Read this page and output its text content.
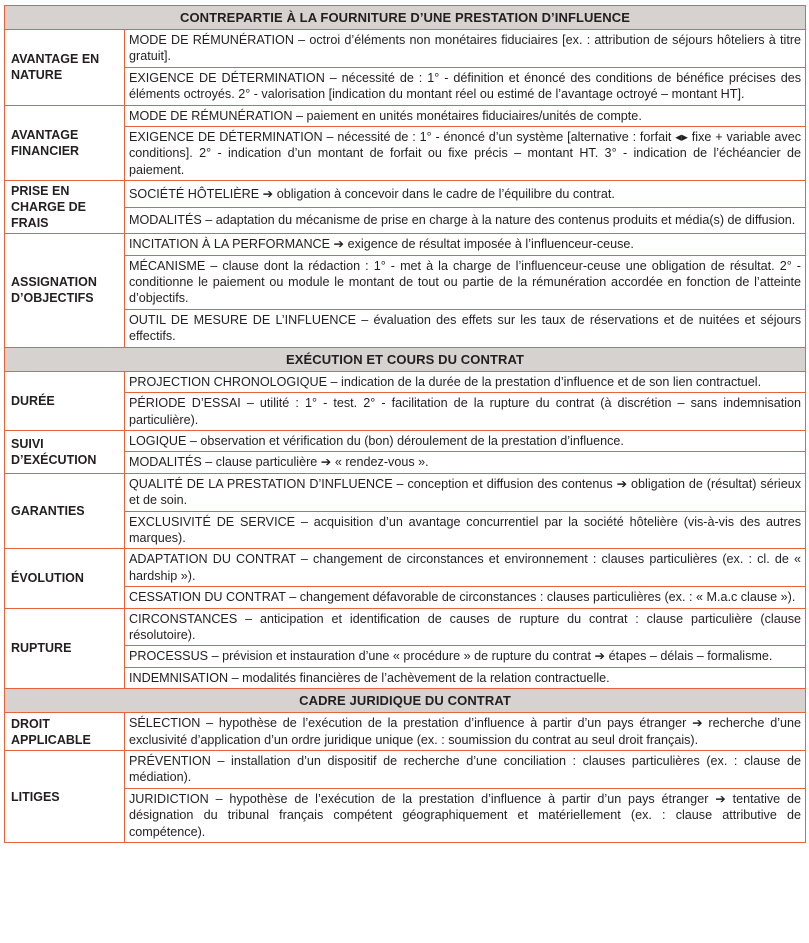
CONTREPARTIE À LA FOURNITURE D’UNE PRESTATION D’INFLUENCE	
AVANTAGE EN NATURE	MODE DE RÉMUNÉRATION – octroi d’éléments non monétaires fiduciaires [ex. : attribution de séjours hôteliers à titre gratuit].
	EXIGENCE DE DÉTERMINATION – nécessité de : 1° - définition et énoncé des conditions de bénéfice précises des éléments octroyés. 2° - valorisation [indication du montant réel ou estimé de l’avantage octroyé – montant HT].
AVANTAGE FINANCIER	MODE DE RÉMUNÉRATION – paiement en unités monétaires fiduciaires/unités de compte.
	EXIGENCE DE DÉTERMINATION – nécessité de : 1° - énoncé d’un système [alternative : forfait ◂▸ fixe + variable avec conditions]. 2° - indication d’un montant de forfait ou fixe précis – montant HT. 3° - indication de l’échéancier de paiement.
PRISE EN CHARGE DE FRAIS	SOCIÉTÉ HÔTELIÈRE ➔ obligation à concevoir dans le cadre de l’équilibre du contrat.
	MODALITÉS – adaptation du mécanisme de prise en charge à la nature des contenus produits et média(s) de diffusion.
ASSIGNATION D’OBJECTIFS	INCITATION À LA PERFORMANCE ➔ exigence de résultat imposée à l’influenceur-ceuse.
	MÉCANISME – clause dont la rédaction : 1° - met à la charge de l’influenceur-ceuse une obligation de résultat. 2° - conditionne le paiement ou module le montant de tout ou partie de la rémunération accordée en fonction de l’atteinte d’objectifs.
	OUTIL DE MESURE DE L’INFLUENCE – évaluation des effets sur les taux de réservations et de nuitées et séjours effectifs.
EXÉCUTION ET COURS DU CONTRAT	
DURÉE	PROJECTION CHRONOLOGIQUE – indication de la durée de la prestation d’influence et de son lien contractuel.
	PÉRIODE D’ESSAI – utilité : 1° - test. 2° - facilitation de la rupture du contrat (à discrétion – sans indemnisation particulière).
SUIVI D’EXÉCUTION	LOGIQUE – observation et vérification du (bon) déroulement de la prestation d’influence.
	MODALITÉS – clause particulière ➔ « rendez-vous ».
GARANTIES	QUALITÉ DE LA PRESTATION D’INFLUENCE – conception et diffusion des contenus ➔ obligation de (résultat) sérieux et de soin.
	EXCLUSIVITÉ DE SERVICE – acquisition d’un avantage concurrentiel par la société hôtelière (vis-à-vis des autres marques).
ÉVOLUTION	ADAPTATION DU CONTRAT – changement de circonstances et environnement : clauses particulières (ex. : cl. de « hardship »).
	CESSATION DU CONTRAT – changement défavorable de circonstances : clauses particulières (ex. : « M.a.c clause »).
RUPTURE	CIRCONSTANCES – anticipation et identification de causes de rupture du contrat : clause particulière (clause résolutoire).
	PROCESSUS – prévision et instauration d’une « procédure » de rupture du contrat ➔ étapes – délais – formalisme.
	INDEMNISATION – modalités financières de l’achèvement de la relation contractuelle.
CADRE JURIDIQUE DU CONTRAT	
DROIT APPLICABLE	SÉLECTION – hypothèse de l’exécution de la prestation d’influence à partir d’un pays étranger ➔ recherche d’une exclusivité d’application d’un ordre juridique unique (ex. : soumission du contrat au seul droit français).
LITIGES	PRÉVENTION – installation d’un dispositif de recherche d’une conciliation : clauses particulières (ex. : clause de médiation).
	JURIDICTION – hypothèse de l’exécution de la prestation d’influence à partir d’un pays étranger ➔ tentative de désignation du tribunal français compétent géographiquement et matériellement (ex. : clause attributive de compétence).
